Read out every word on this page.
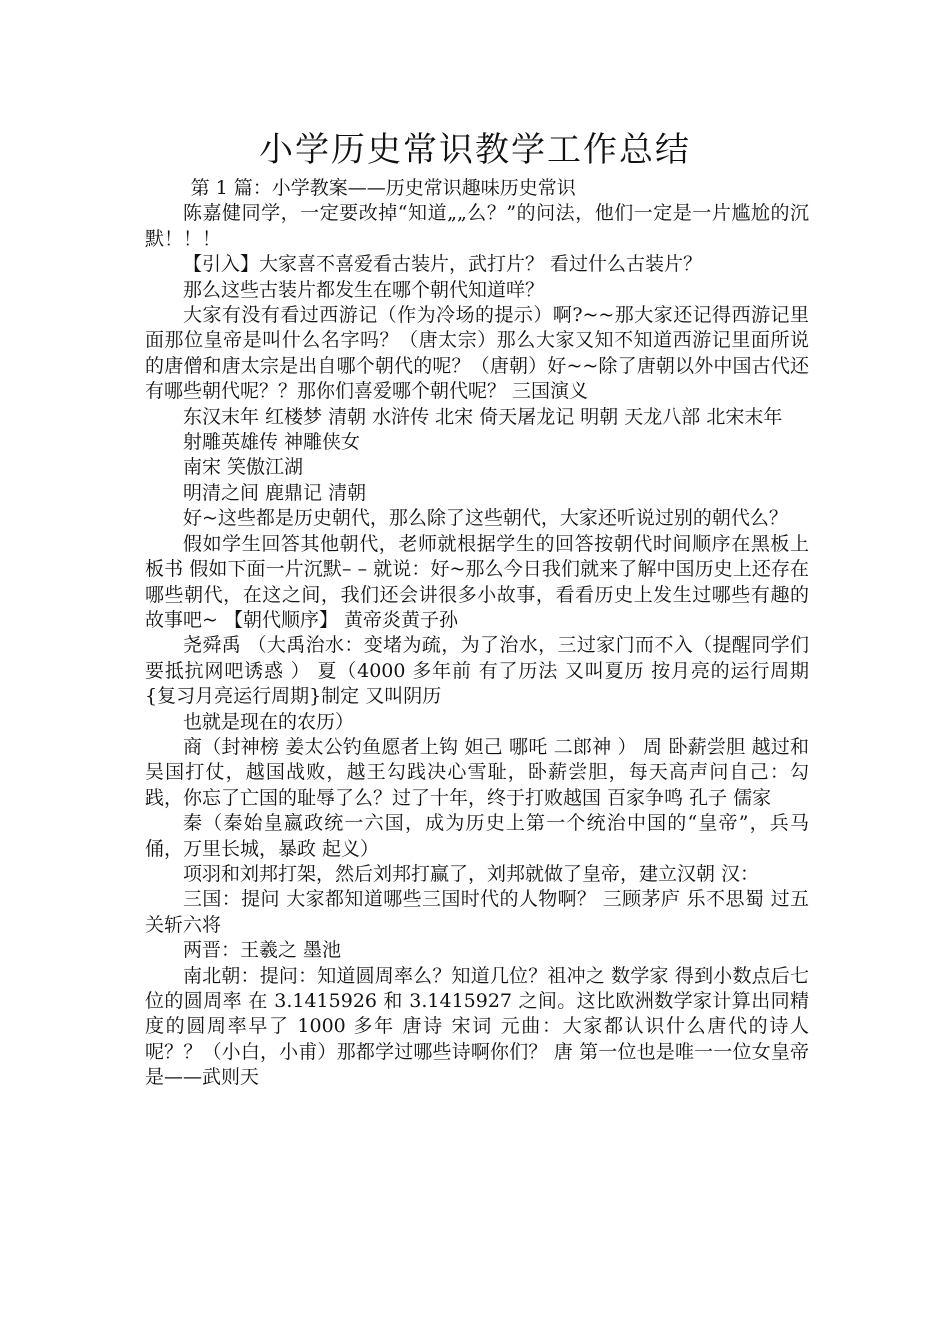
小学历史常识教学工作总结

第 1 篇：小学教案——历史常识趣味历史常识

陈嘉健同学，一定要改掉“知道„„么？”的问法，他们一定是一片尴尬的沉默！！！

【引入】大家喜不喜爱看古装片，武打片？ 看过什么古装片？

那么这些古装片都发生在哪个朝代知道咩？

大家有没有看过西游记（作为冷场的提示）啊?~~那大家还记得西游记里面那位皇帝是叫什么名字吗？（唐太宗）那么大家又知不知道西游记里面所说的唐僧和唐太宗是出自哪个朝代的呢？（唐朝）好~~除了唐朝以外中国古代还有哪些朝代呢？？那你们喜爱哪个朝代呢？ 三国演义

东汉末年 红楼梦 清朝 水浒传 北宋 倚天屠龙记 明朝 天龙八部 北宋末年

射雕英雄传 神雕侠女

南宋 笑傲江湖

明清之间 鹿鼎记 清朝

好~这些都是历史朝代，那么除了这些朝代，大家还听说过别的朝代么？

假如学生回答其他朝代，老师就根据学生的回答按朝代时间顺序在黑板上板书 假如下面一片沉默– – 就说：好~那么今日我们就来了解中国历史上还存在哪些朝代，在这之间，我们还会讲很多小故事，看看历史上发生过哪些有趣的故事吧~ 【朝代顺序】 黄帝炎黄子孙

尧舜禹 （大禹治水：变堵为疏，为了治水，三过家门而不入（提醒同学们要抵抗网吧诱惑 ） 夏（4000 多年前 有了历法 又叫夏历 按月亮的运行周期{复习月亮运行周期}制定 又叫阴历

也就是现在的农历）

商（封神榜 姜太公钓鱼愿者上钩 妲己 哪吒 二郎神 ） 周 卧薪尝胆 越过和吴国打仗，越国战败，越王勾践决心雪耻，卧薪尝胆，每天高声问自己：勾践，你忘了亡国的耻辱了么？过了十年，终于打败越国 百家争鸣 孔子 儒家

秦（秦始皇嬴政统一六国，成为历史上第一个统治中国的“皇帝”，兵马俑，万里长城，暴政 起义）

项羽和刘邦打架，然后刘邦打赢了，刘邦就做了皇帝，建立汉朝 汉：

三国：提问 大家都知道哪些三国时代的人物啊？ 三顾茅庐 乐不思蜀 过五关斩六将

两晋：王羲之 墨池

南北朝：提问：知道圆周率么？知道几位？祖冲之 数学家 得到小数点后七位的圆周率 在 3.1415926 和 3.1415927 之间。这比欧洲数学家计算出同精度的圆周率早了 1000 多年 唐诗 宋词 元曲：大家都认识什么唐代的诗人呢？？（小白，小甫）那都学过哪些诗啊你们？ 唐 第一位也是唯一一位女皇帝是——武则天
